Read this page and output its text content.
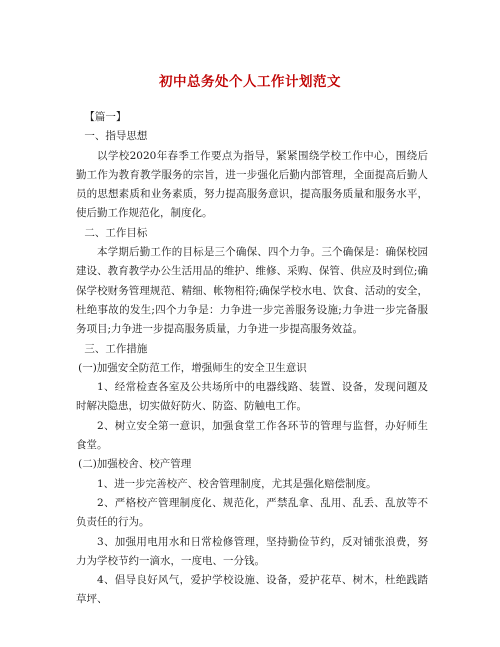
初中总务处个人工作计划范文

【篇一】

一、指导思想

以学校2020年春季工作要点为指导，紧紧围绕学校工作中心，围绕后勤工作为教育教学服务的宗旨，进一步强化后勤内部管理，全面提高后勤人员的思想素质和业务素质，努力提高服务意识，提高服务质量和服务水平，使后勤工作规范化，制度化。

二、工作目标

本学期后勤工作的目标是三个确保、四个力争。三个确保是：确保校园建设、教育教学办公生活用品的维护、维修、采购、保管、供应及时到位;确保学校财务管理规范、精细、帐物相符;确保学校水电、饮食、活动的安全，杜绝事故的发生;四个力争是：力争进一步完善服务设施;力争进一步完备服务项目;力争进一步提高服务质量，力争进一步提高服务效益。

三、工作措施

(一)加强安全防范工作，增强师生的安全卫生意识

1、经常检查各室及公共场所中的电器线路、装置、设备，发现问题及时解决隐患，切实做好防火、防盗、防触电工作。

2、树立安全第一意识，加强食堂工作各环节的管理与监督，办好师生食堂。

(二)加强校舍、校产管理

1、进一步完善校产、校舍管理制度，尤其是强化赔偿制度。

2、严格校产管理制度化、规范化，严禁乱拿、乱用、乱丢、乱放等不负责任的行为。

3、加强用电用水和日常检修管理，坚持勤俭节约，反对铺张浪费，努力为学校节约一滴水，一度电、一分钱。

4、倡导良好风气，爱护学校设施、设备，爱护花草、树木，杜绝践踏草坪、
